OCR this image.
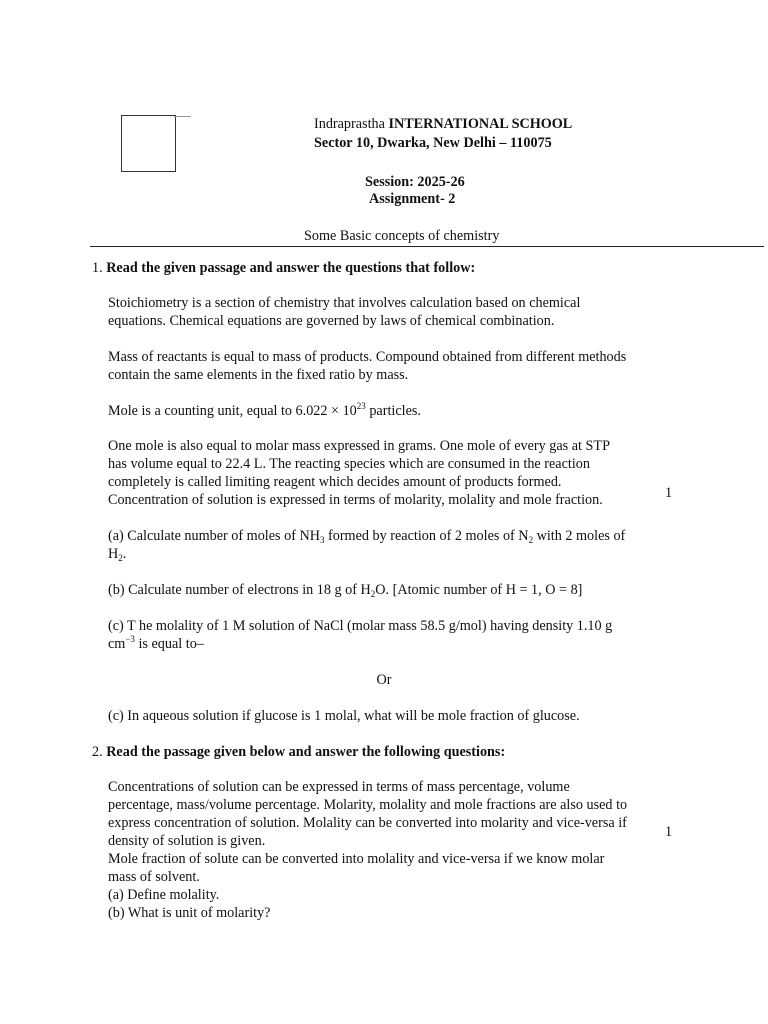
Indraprastha INTERNATIONAL SCHOOL
Sector 10, Dwarka, New Delhi – 110075
Session: 2025-26
Assignment- 2
Some Basic concepts of chemistry
1. Read the given passage and answer the questions that follow:
Stoichiometry is a section of chemistry that involves calculation based on chemical
equations. Chemical equations are governed by laws of chemical combination.
Mass of reactants is equal to mass of products. Compound obtained from different methods
contain the same elements in the fixed ratio by mass.
Mole is a counting unit, equal to $6.022 \times 10^{23}$ particles.
One mole is also equal to molar mass expressed in grams. One mole of every gas at STP
has volume equal to 22.4 L. The reacting species which are consumed in the reaction
completely is called limiting reagent which decides amount of products formed.
Concentration of solution is expressed in terms of molarity, molality and mole fraction.	1
(a) Calculate number of moles of $NH_3$ formed by reaction of 2 moles of $N_2$ with 2 moles of
$H_2$.
(b) Calculate number of electrons in 18 g of $H_2O$. [Atomic number of H = 1, O = 8]
(c) T he molality of 1 M solution of NaCl (molar mass 58.5 g/mol) having density 1.10 g
$cm^{-3}$ is equal to–
Or
(c) In aqueous solution if glucose is 1 molal, what will be mole fraction of glucose.
2. Read the passage given below and answer the following questions:
Concentrations of solution can be expressed in terms of mass percentage, volume
percentage, mass/volume percentage. Molarity, molality and mole fractions are also used to
express concentration of solution. Molality can be converted into molarity and vice-versa if
density of solution is given.
Mole fraction of solute can be converted into molality and vice-versa if we know molar
mass of solvent.
(a) Define molality.
(b) What is unit of molarity?
1
